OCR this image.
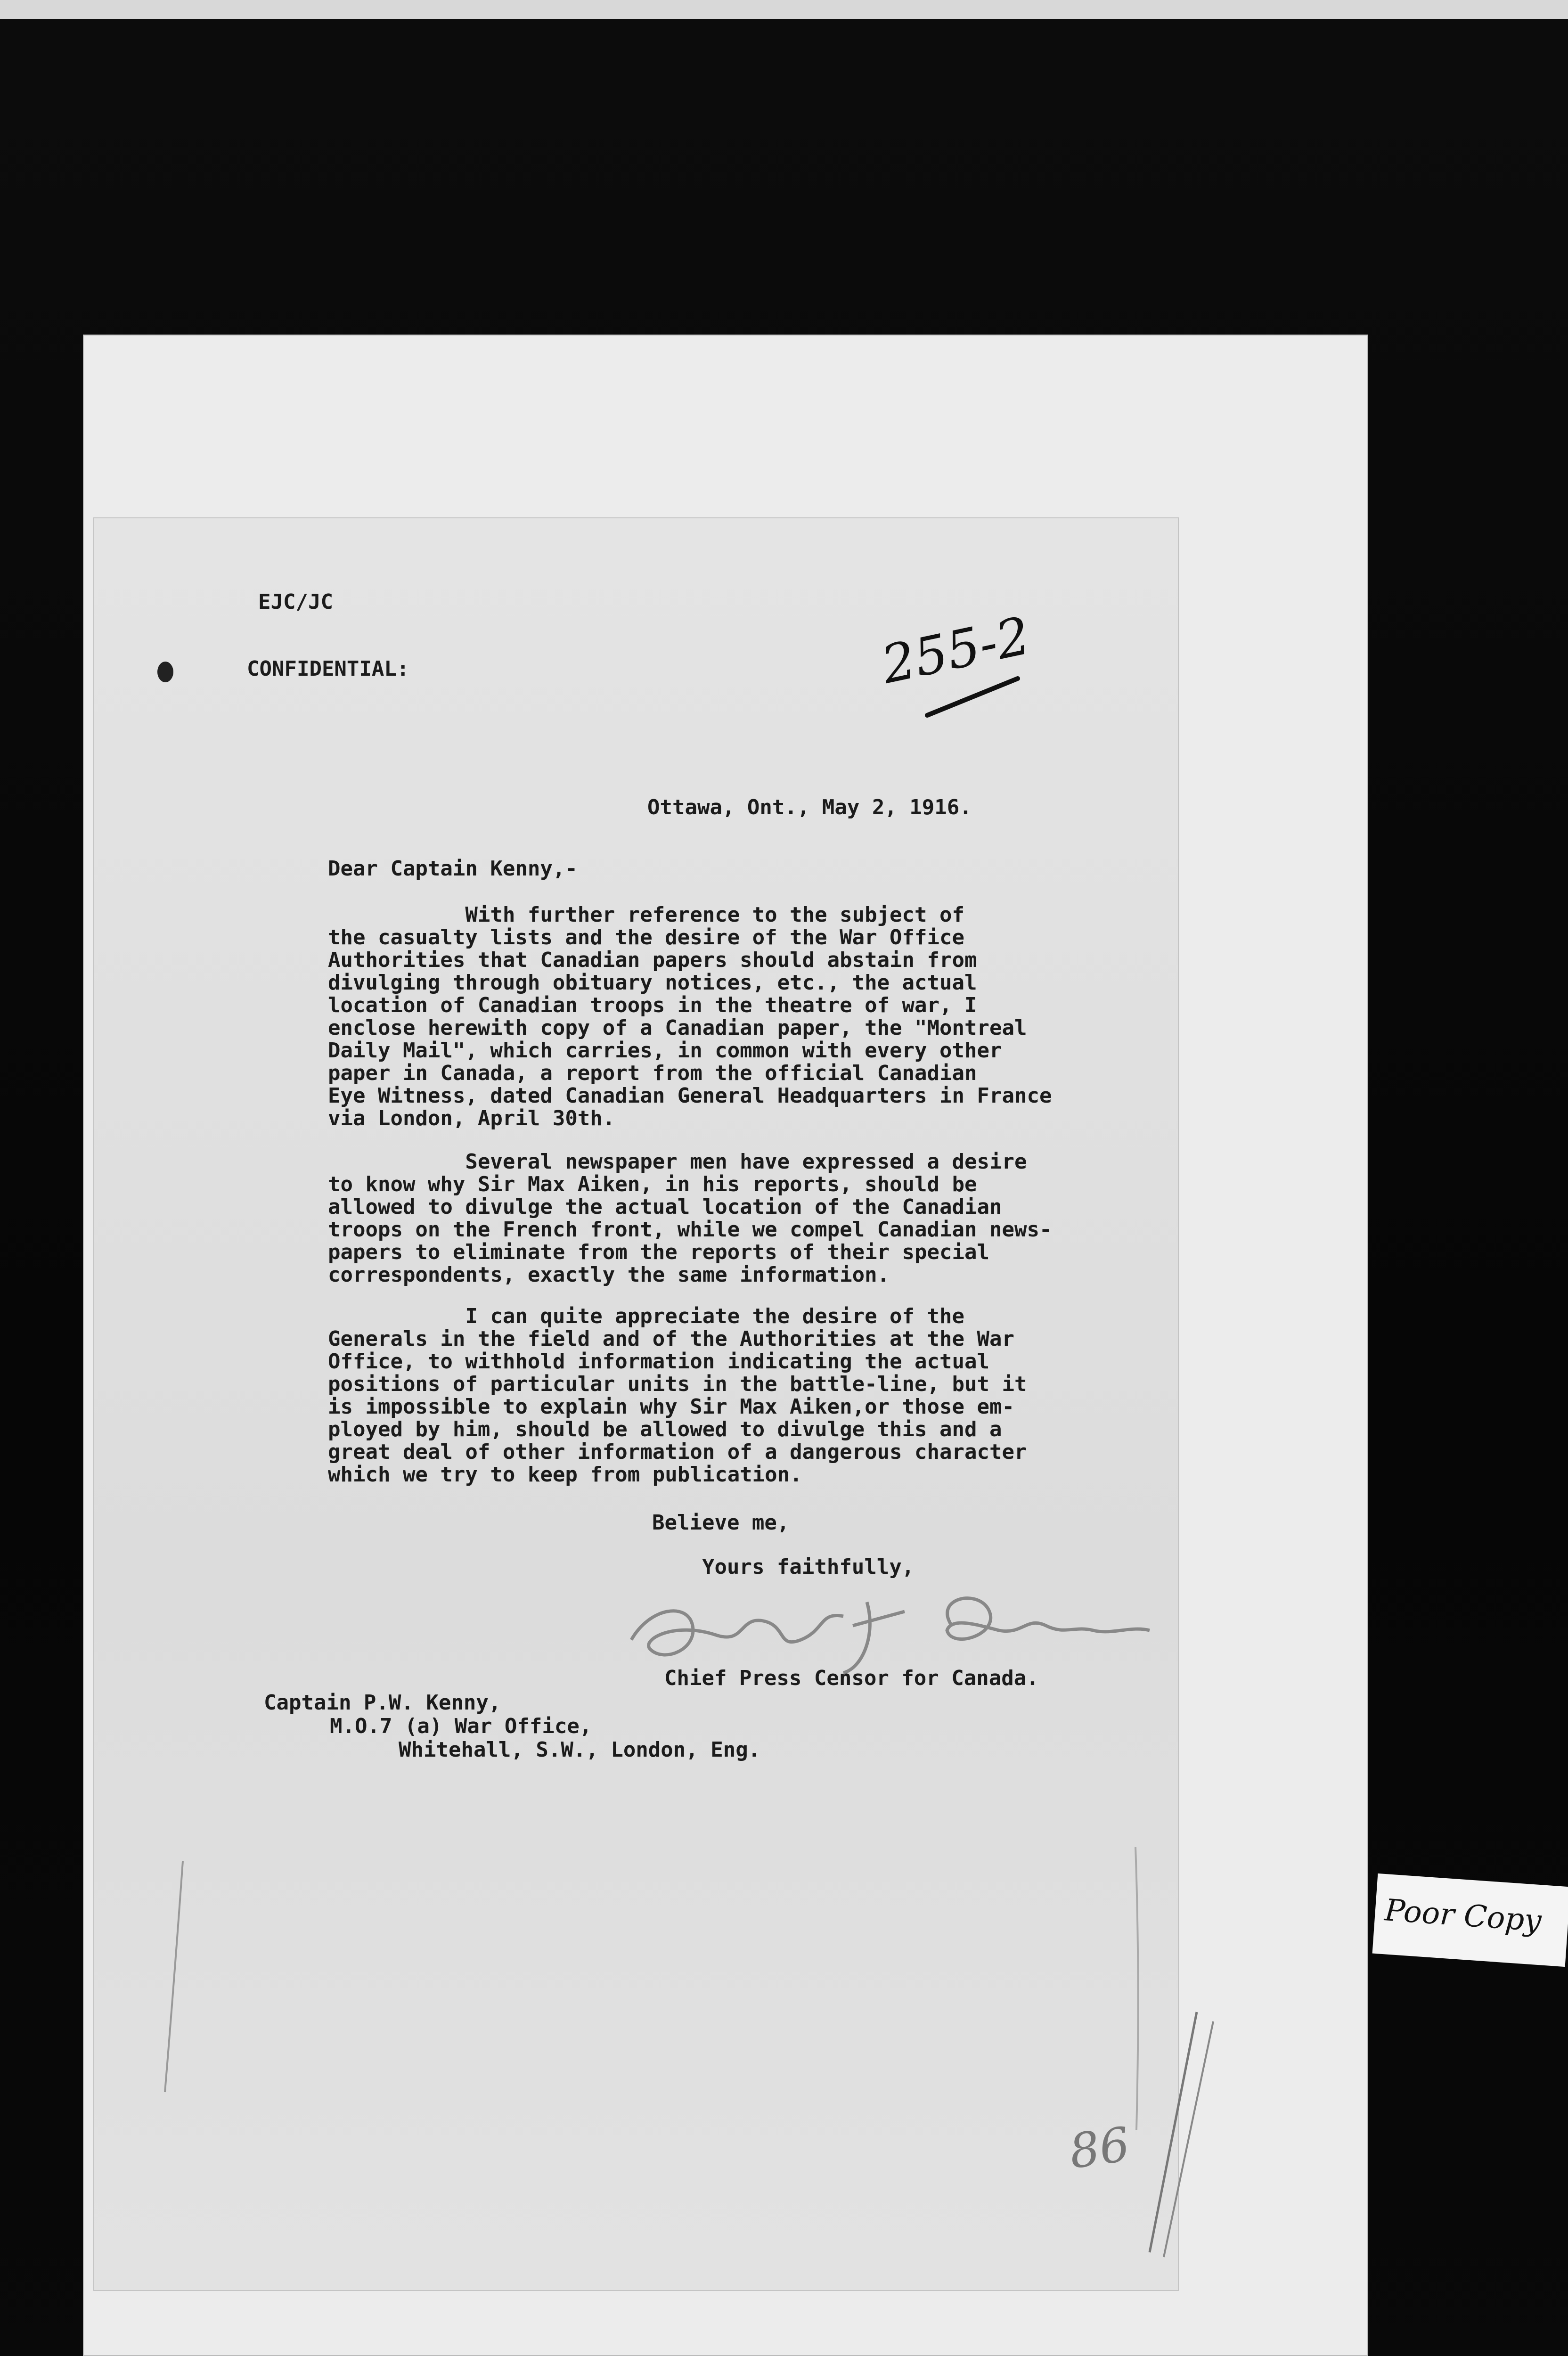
EJC/JC

CONFIDENTIAL:	255-2

Ottawa, Ont., May 2, 1916.

Dear Captain Kenny,-

With further reference to the subject of
the casualty lists and the desire of the War Office
Authorities that Canadian papers should abstain from
divulging through obituary notices, etc., the actual
location of Canadian troops in the theatre of war, I
enclose herewith copy of a Canadian paper, the "Montreal
Daily Mail", which carries, in common with every other
paper in Canada, a report from the official Canadian
Eye Witness, dated Canadian General Headquarters in France
via London, April 30th.
Several newspaper men have expressed a desire
to know why Sir Max Aiken, in his reports, should be
allowed to divulge the actual location of the Canadian
troops on the French front, while we compel Canadian news-
papers to eliminate from the reports of their special
correspondents, exactly the same information.
I can quite appreciate the desire of the
Generals in the field and of the Authorities at the War
Office, to withhold information indicating the actual
positions of particular units in the battle-line, but it
is impossible to explain why Sir Max Aiken,or those em-
ployed by him, should be allowed to divulge this and a
great deal of other information of a dangerous character
which we try to keep from publication.

Believe me,

Yours faithfully,

Chief Press Censor for Canada.

Captain P.W. Kenny,

M.O.7 (a) War Office,

Whitehall, S.W., London, Eng.

86
Poor Copy
